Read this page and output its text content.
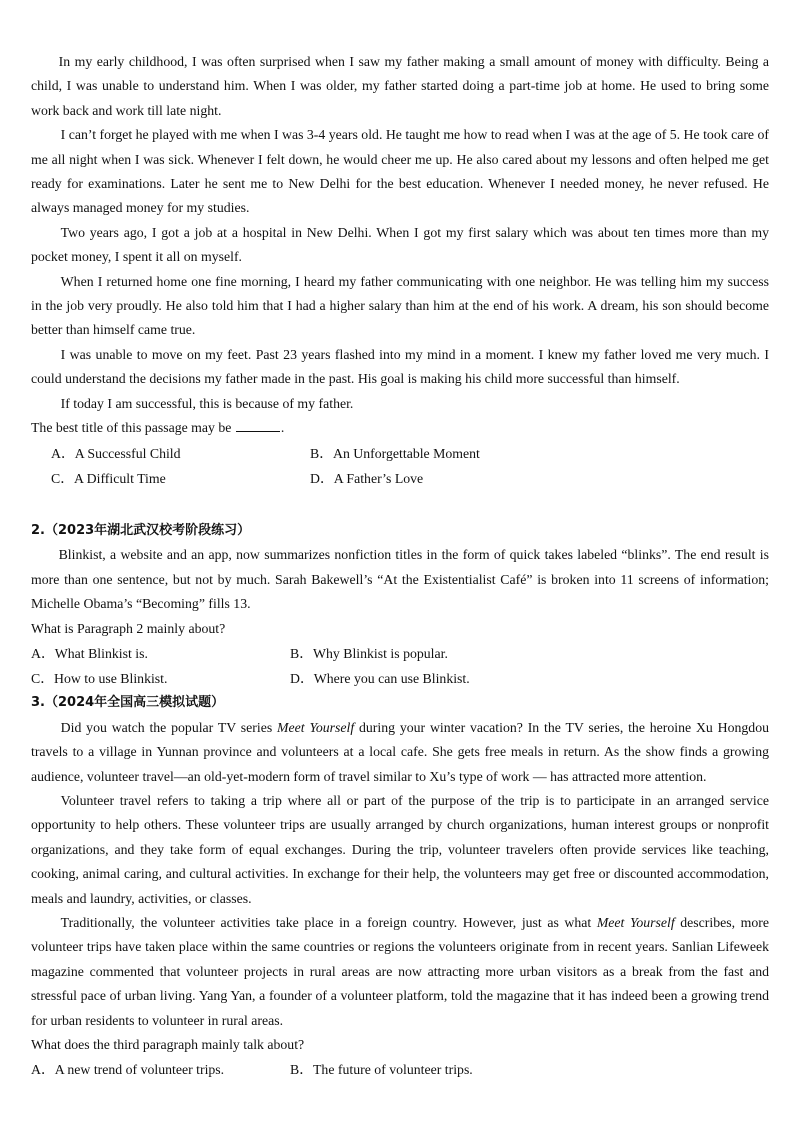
In my early childhood, I was often surprised when I saw my father making a small amount of money with difficulty. Being a child, I was unable to understand him. When I was older, my father started doing a part-time job at home. He used to bring some work back and work till late night.

I can’t forget he played with me when I was 3-4 years old. He taught me how to read when I was at the age of 5. He took care of me all night when I was sick. Whenever I felt down, he would cheer me up. He also cared about my lessons and often helped me get ready for examinations. Later he sent me to New Delhi for the best education. Whenever I needed money, he never refused. He always managed money for my studies.

Two years ago, I got a job at a hospital in New Delhi. When I got my first salary which was about ten times more than my pocket money, I spent it all on myself.

When I returned home one fine morning, I heard my father communicating with one neighbor. He was telling him my success in the job very proudly. He also told him that I had a higher salary than him at the end of his work. A dream, his son should become better than himself came true.

I was unable to move on my feet. Past 23 years flashed into my mind in a moment. I knew my father loved me very much. I could understand the decisions my father made in the past. His goal is making his child more successful than himself.

If today I am successful, this is because of my father.

The best title of this passage may be	.

A．A Successful Child	B．An Unforgettable Moment
C．A Difficult Time	D．A Father’s Love

2.（2023年湖北武汉校考阶段练习）

Blinkist, a website and an app, now summarizes nonfiction titles in the form of quick takes labeled “blinks”. The end result is more than one sentence, but not by much. Sarah Bakewell’s “At the Existentialist Café” is broken into 11 screens of information; Michelle Obama’s “Becoming” fills 13.

What is Paragraph 2 mainly about?

A．What Blinkist is.	B．Why Blinkist is popular.
C．How to use Blinkist.	D．Where you can use Blinkist.

3.（2024年全国高三模拟试题）

Did you watch the popular TV series Meet Yourself during your winter vacation? In the TV series, the heroine Xu Hongdou travels to a village in Yunnan province and volunteers at a local cafe. She gets free meals in return. As the show finds a growing audience, volunteer travel—an old-yet-modern form of travel similar to Xu’s type of work — has attracted more attention.

Volunteer travel refers to taking a trip where all or part of the purpose of the trip is to participate in an arranged service opportunity to help others. These volunteer trips are usually arranged by church organizations, human interest groups or nonprofit organizations, and they take form of equal exchanges. During the trip, volunteer travelers often provide services like teaching, cooking, animal caring, and cultural activities. In exchange for their help, the volunteers may get free or discounted accommodation, meals and laundry, activities, or classes.

Traditionally, the volunteer activities take place in a foreign country. However, just as what Meet Yourself describes, more volunteer trips have taken place within the same countries or regions the volunteers originate from in recent years. Sanlian Lifeweek magazine commented that volunteer projects in rural areas are now attracting more urban visitors as a break from the fast and stressful pace of urban living. Yang Yan, a founder of a volunteer platform, told the magazine that it has indeed been a growing trend for urban residents to volunteer in rural areas.

What does the third paragraph mainly talk about?

A．A new trend of volunteer trips.	B．The future of volunteer trips.
